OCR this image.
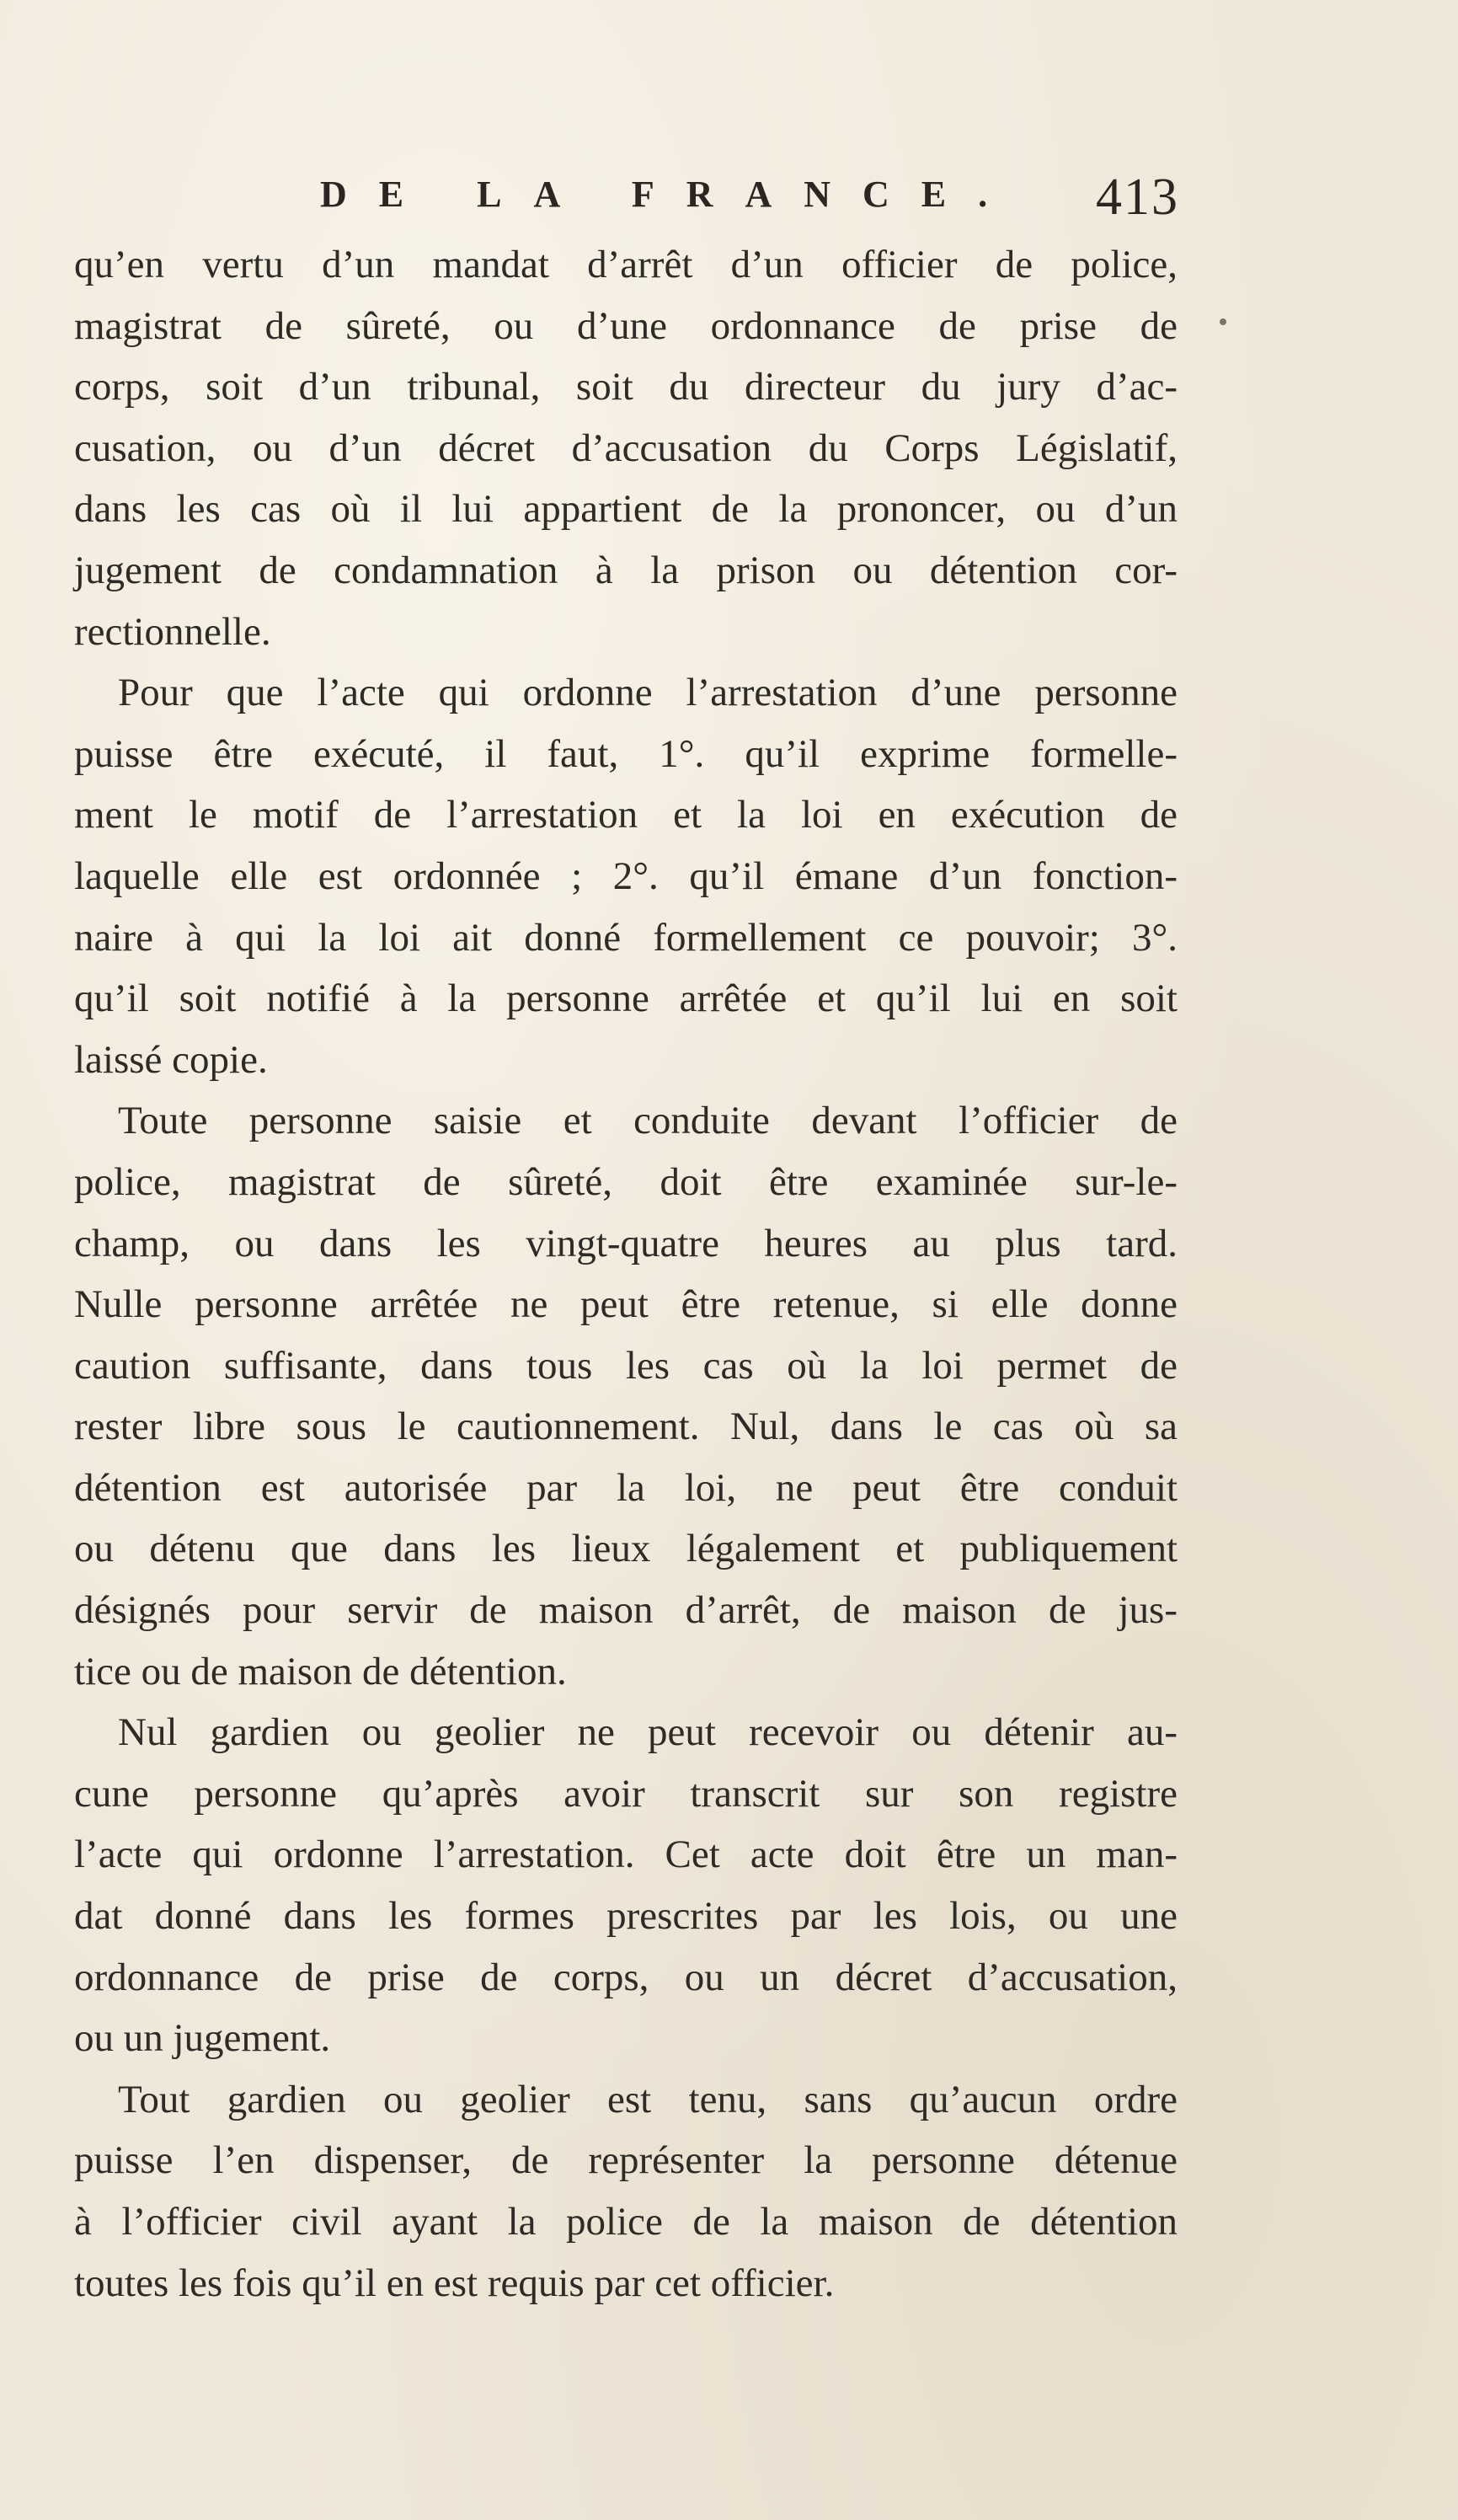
DE LA FRANCE. 413
qu’en vertu d’un mandat d’arrêt d’un officier de police,
magistrat de sûreté, ou d’une ordonnance de prise de
corps, soit d’un tribunal, soit du directeur du jury d’ac-
cusation, ou d’un décret d’accusation du Corps Législatif,
dans les cas où il lui appartient de la prononcer, ou d’un
jugement de condamnation à la prison ou détention cor-
rectionnelle.
Pour que l’acte qui ordonne l’arrestation d’une personne
puisse être exécuté, il faut, 1°. qu’il exprime formelle-
ment le motif de l’arrestation et la loi en exécution de
laquelle elle est ordonnée ; 2°. qu’il émane d’un fonction-
naire à qui la loi ait donné formellement ce pouvoir; 3°.
qu’il soit notifié à la personne arrêtée et qu’il lui en soit
laissé copie.
Toute personne saisie et conduite devant l’officier de
police, magistrat de sûreté, doit être examinée sur-le-
champ, ou dans les vingt-quatre heures au plus tard.
Nulle personne arrêtée ne peut être retenue, si elle donne
caution suffisante, dans tous les cas où la loi permet de
rester libre sous le cautionnement. Nul, dans le cas où sa
détention est autorisée par la loi, ne peut être conduit
ou détenu que dans les lieux légalement et publiquement
désignés pour servir de maison d’arrêt, de maison de jus-
tice ou de maison de détention.
Nul gardien ou geolier ne peut recevoir ou détenir au-
cune personne qu’après avoir transcrit sur son registre
l’acte qui ordonne l’arrestation. Cet acte doit être un man-
dat donné dans les formes prescrites par les lois, ou une
ordonnance de prise de corps, ou un décret d’accusation,
ou un jugement.
Tout gardien ou geolier est tenu, sans qu’aucun ordre
puisse l’en dispenser, de représenter la personne détenue
à l’officier civil ayant la police de la maison de détention
toutes les fois qu’il en est requis par cet officier.
